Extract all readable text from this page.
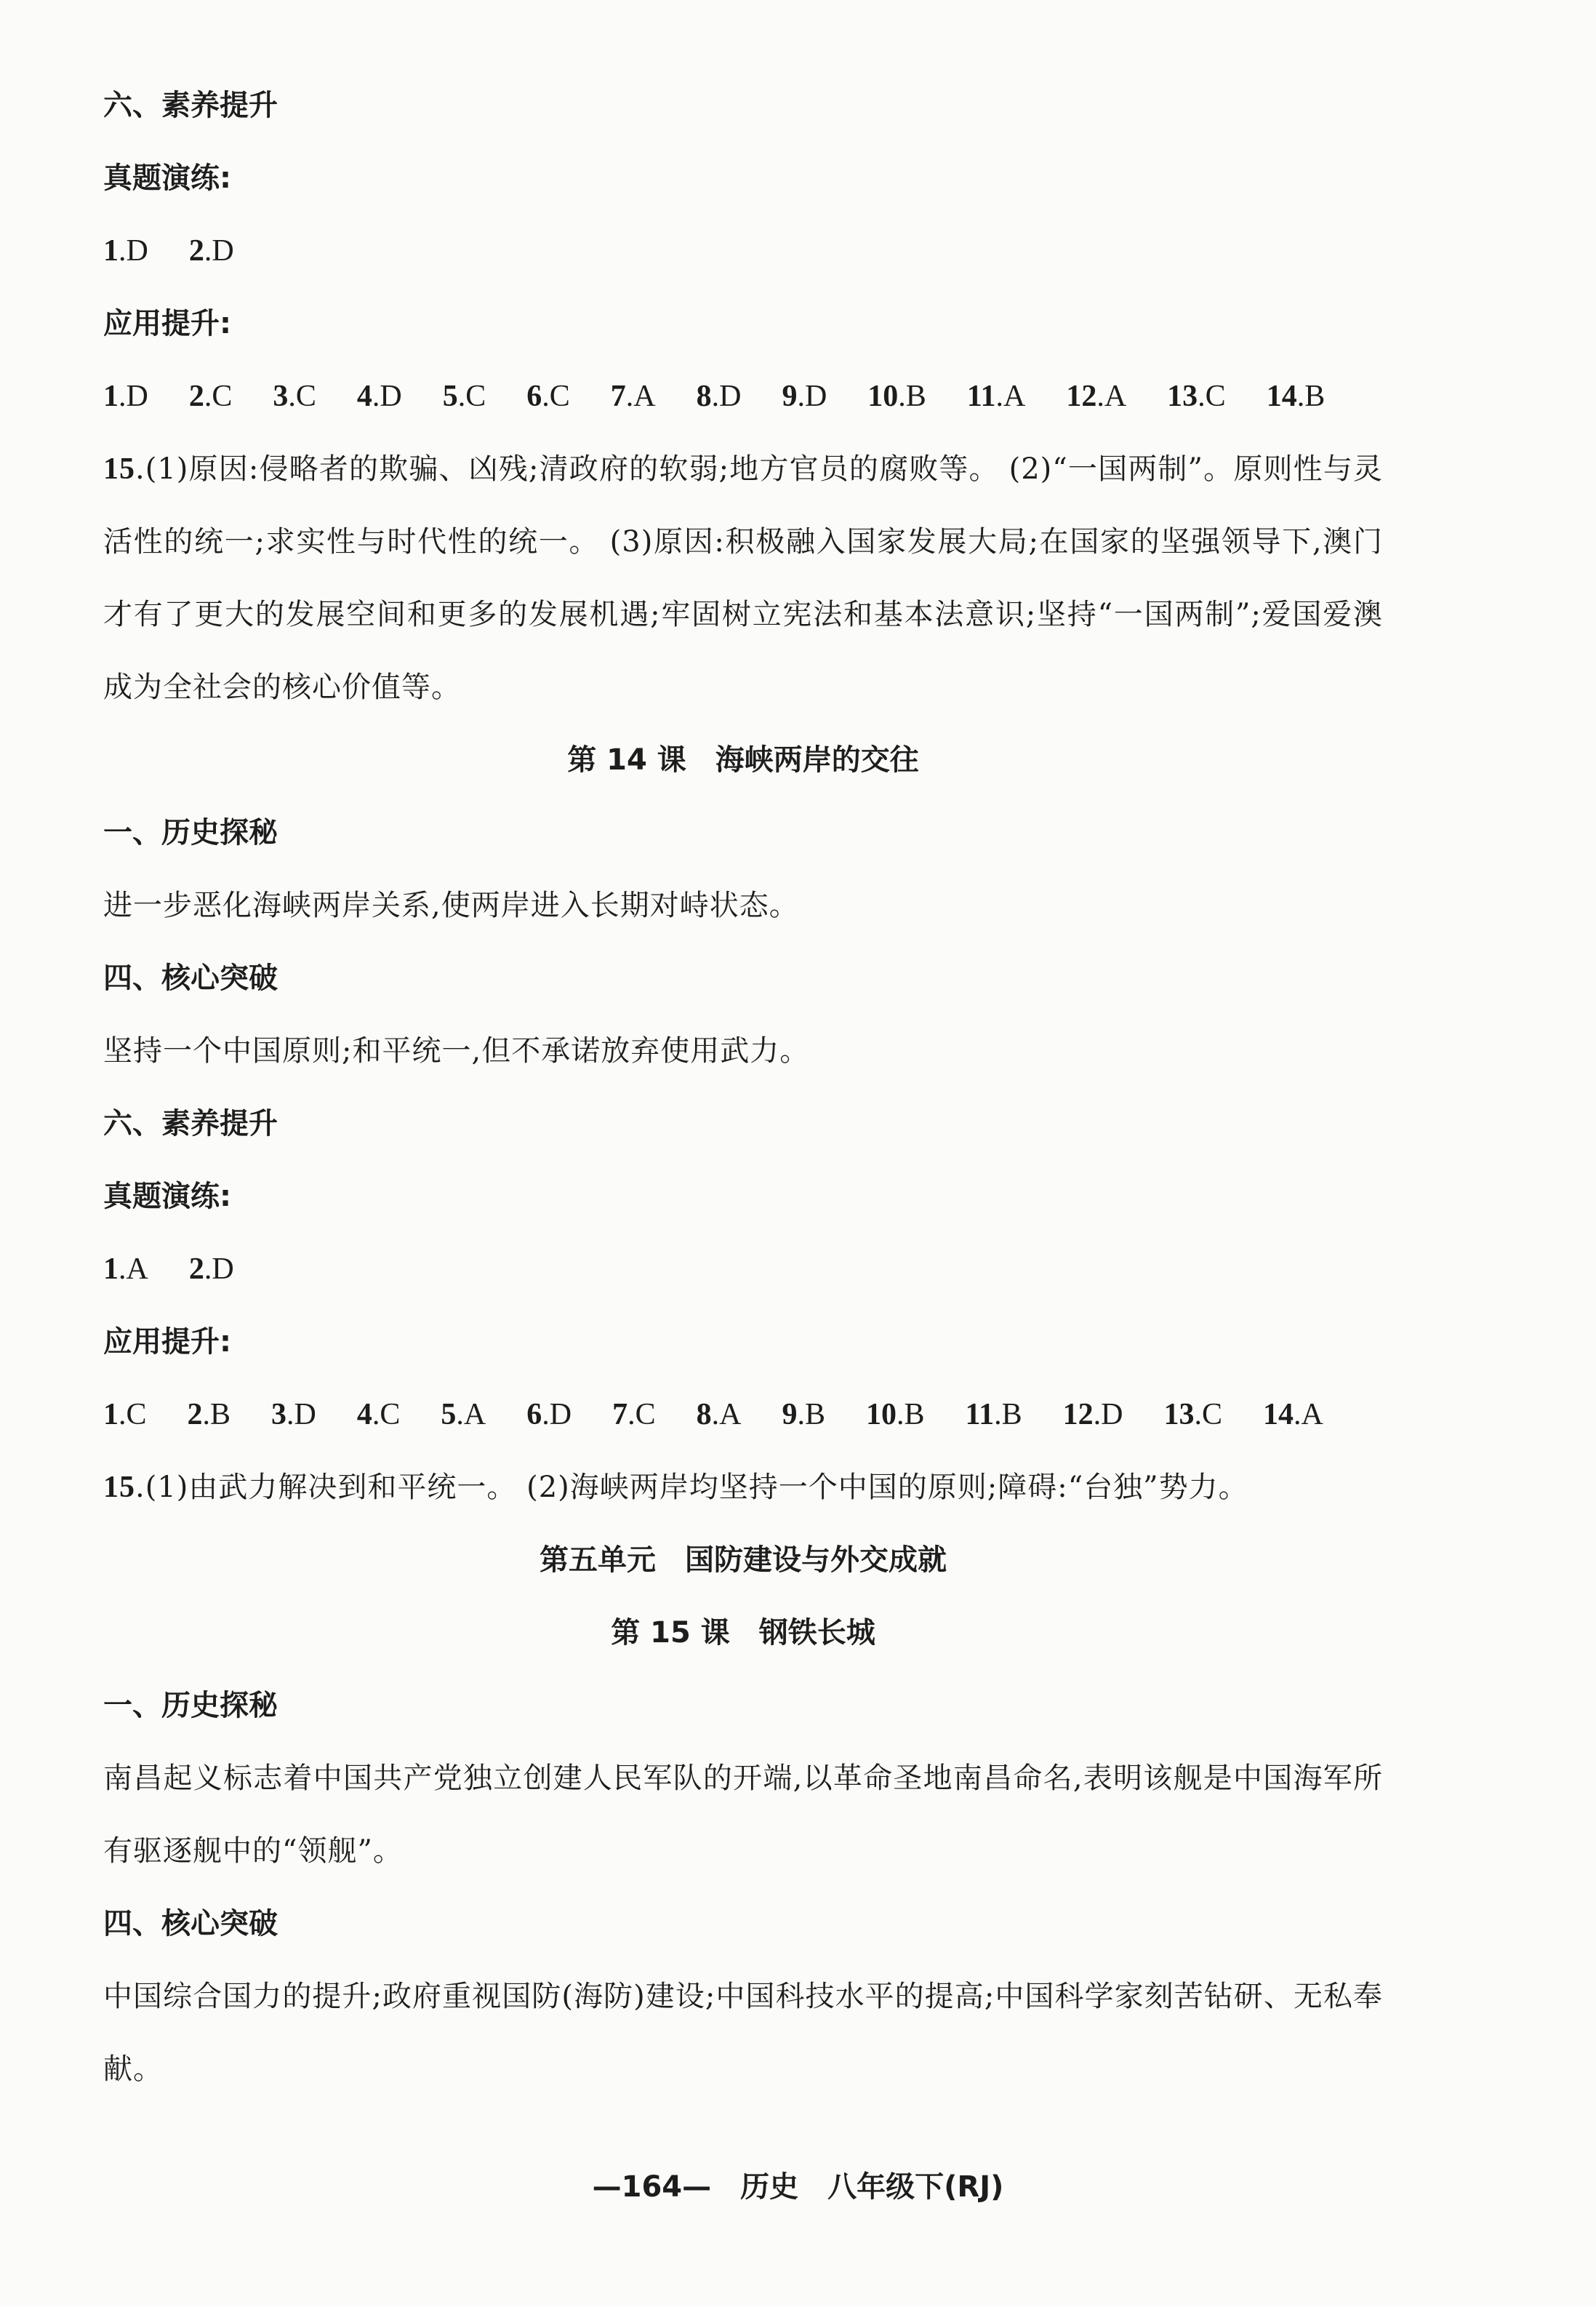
六、素养提升
真题演练:
1.D 2.D
应用提升:
1.D 2.C 3.C 4.D 5.C 6.C 7.A 8.D 9.D 10.B 11.A 12.A 13.C 14.B
15.(1)原因:侵略者的欺骗、凶残;清政府的软弱;地方官员的腐败等。 (2)“一国两制”。原则性与灵活性的统一;求实性与时代性的统一。 (3)原因:积极融入国家发展大局;在国家的坚强领导下,澳门才有了更大的发展空间和更多的发展机遇;牢固树立宪法和基本法意识;坚持“一国两制”;爱国爱澳成为全社会的核心价值等。
第 14 课　海峡两岸的交往
一、历史探秘
进一步恶化海峡两岸关系,使两岸进入长期对峙状态。
四、核心突破
坚持一个中国原则;和平统一,但不承诺放弃使用武力。
六、素养提升
真题演练:
1.A 2.D
应用提升:
1.C 2.B 3.D 4.C 5.A 6.D 7.C 8.A 9.B 10.B 11.B 12.D 13.C 14.A
15.(1)由武力解决到和平统一。 (2)海峡两岸均坚持一个中国的原则;障碍:“台独”势力。
第五单元　国防建设与外交成就
第 15 课　钢铁长城
一、历史探秘
南昌起义标志着中国共产党独立创建人民军队的开端,以革命圣地南昌命名,表明该舰是中国海军所有驱逐舰中的“领舰”。
四、核心突破
中国综合国力的提升;政府重视国防(海防)建设;中国科技水平的提高;中国科学家刻苦钻研、无私奉献。
—164—　历史　八年级下(RJ)
